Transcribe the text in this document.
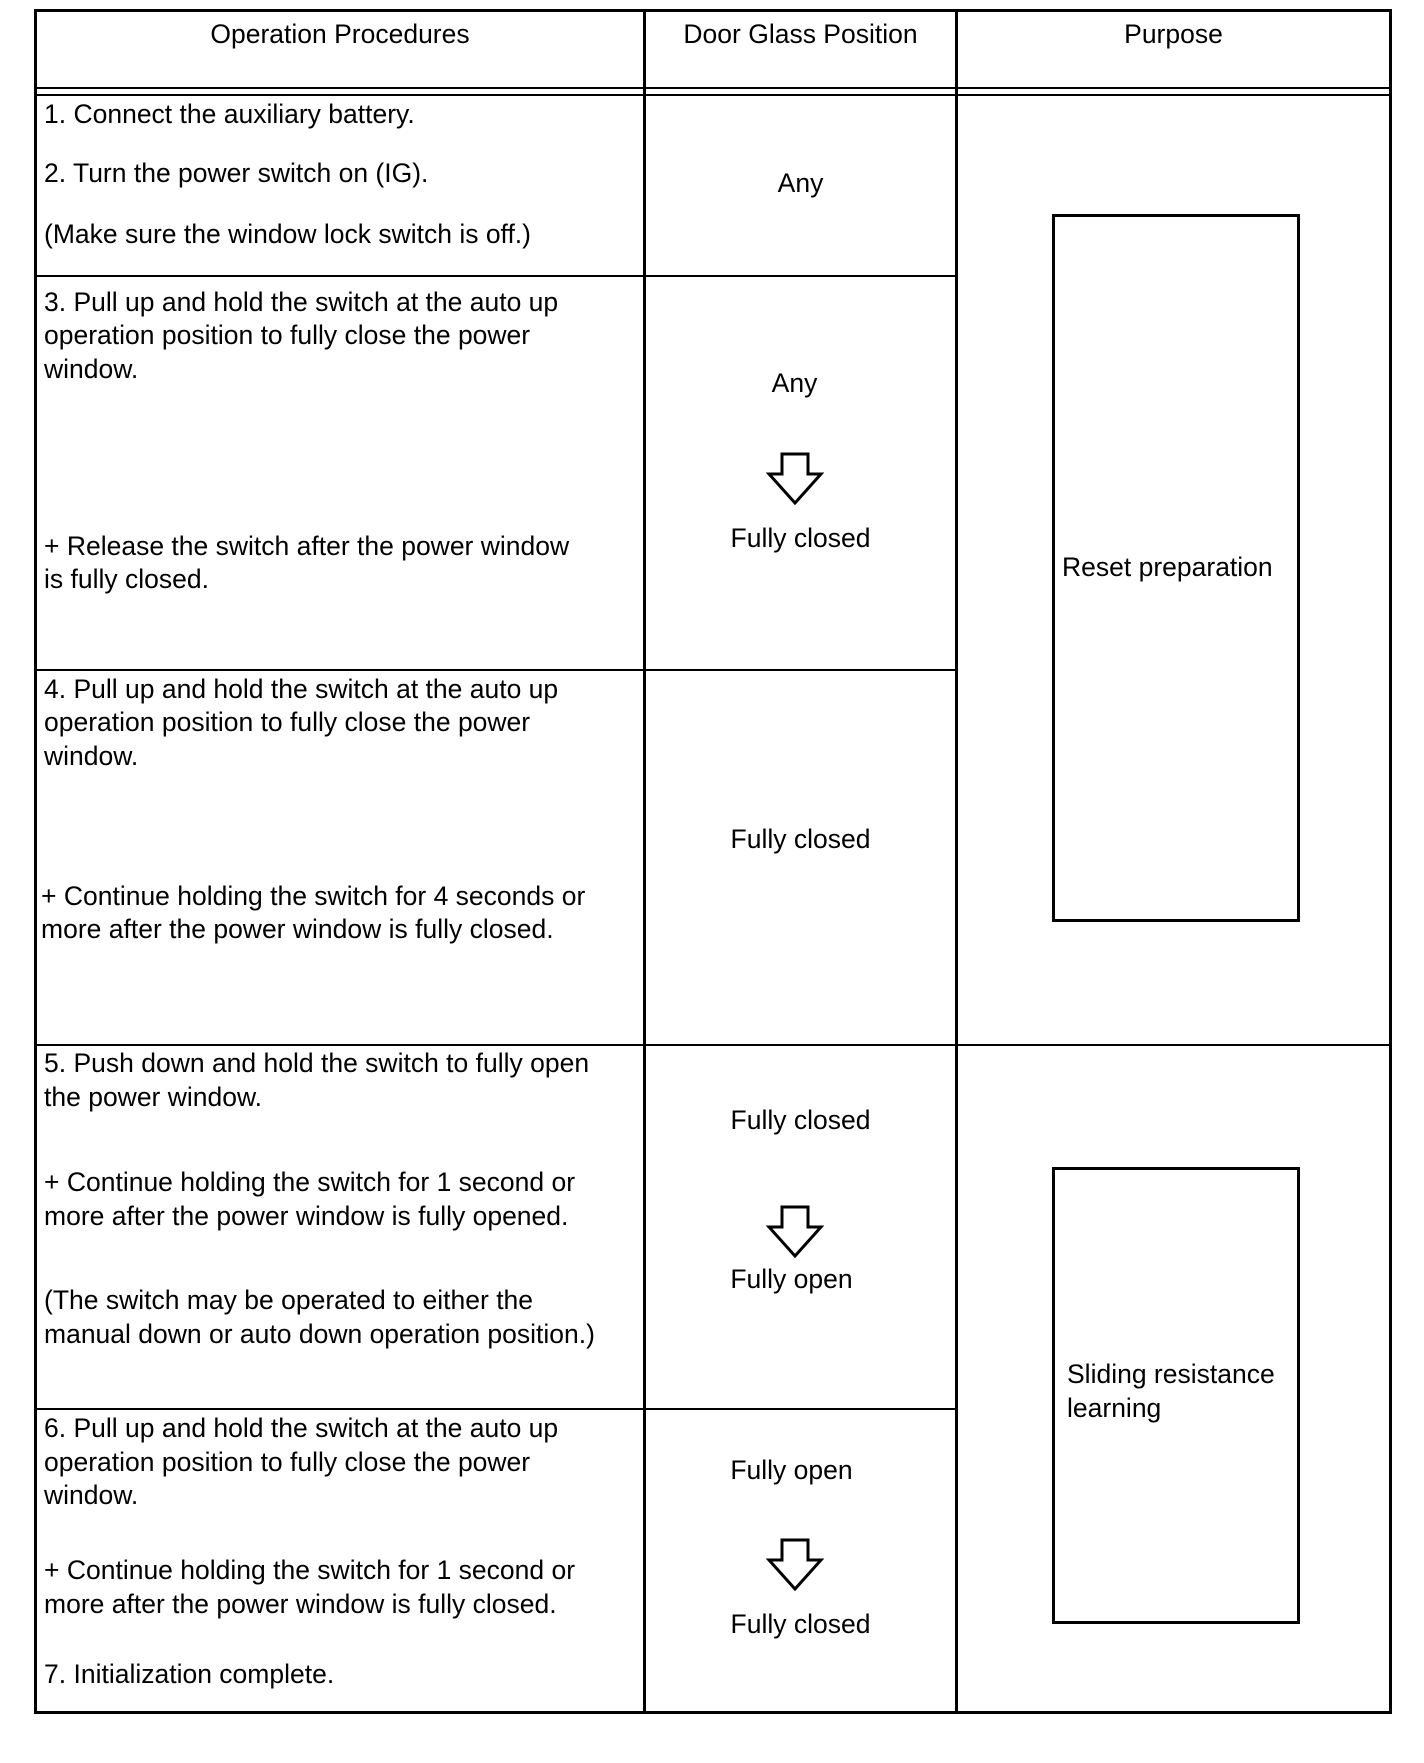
Operation Procedures	Door Glass Position	Purpose
1. Connect the auxiliary battery.
2. Turn the power switch on (IG).
(Make sure the window lock switch is off.)
Any
3. Pull up and hold the switch at the auto up
operation position to fully close the power
window.
+ Release the switch after the power window
is fully closed.
Any
Fully closed
4. Pull up and hold the switch at the auto up
operation position to fully close the power
window.
+ Continue holding the switch for 4 seconds or
more after the power window is fully closed.
Fully closed
5. Push down and hold the switch to fully open
the power window.
+ Continue holding the switch for 1 second or
more after the power window is fully opened.
(The switch may be operated to either the
manual down or auto down operation position.)
Fully closed
Fully open
6. Pull up and hold the switch at the auto up
operation position to fully close the power
window.
+ Continue holding the switch for 1 second or
more after the power window is fully closed.
7. Initialization complete.
Fully open
Fully closed
Reset preparation
Sliding resistance
learning
